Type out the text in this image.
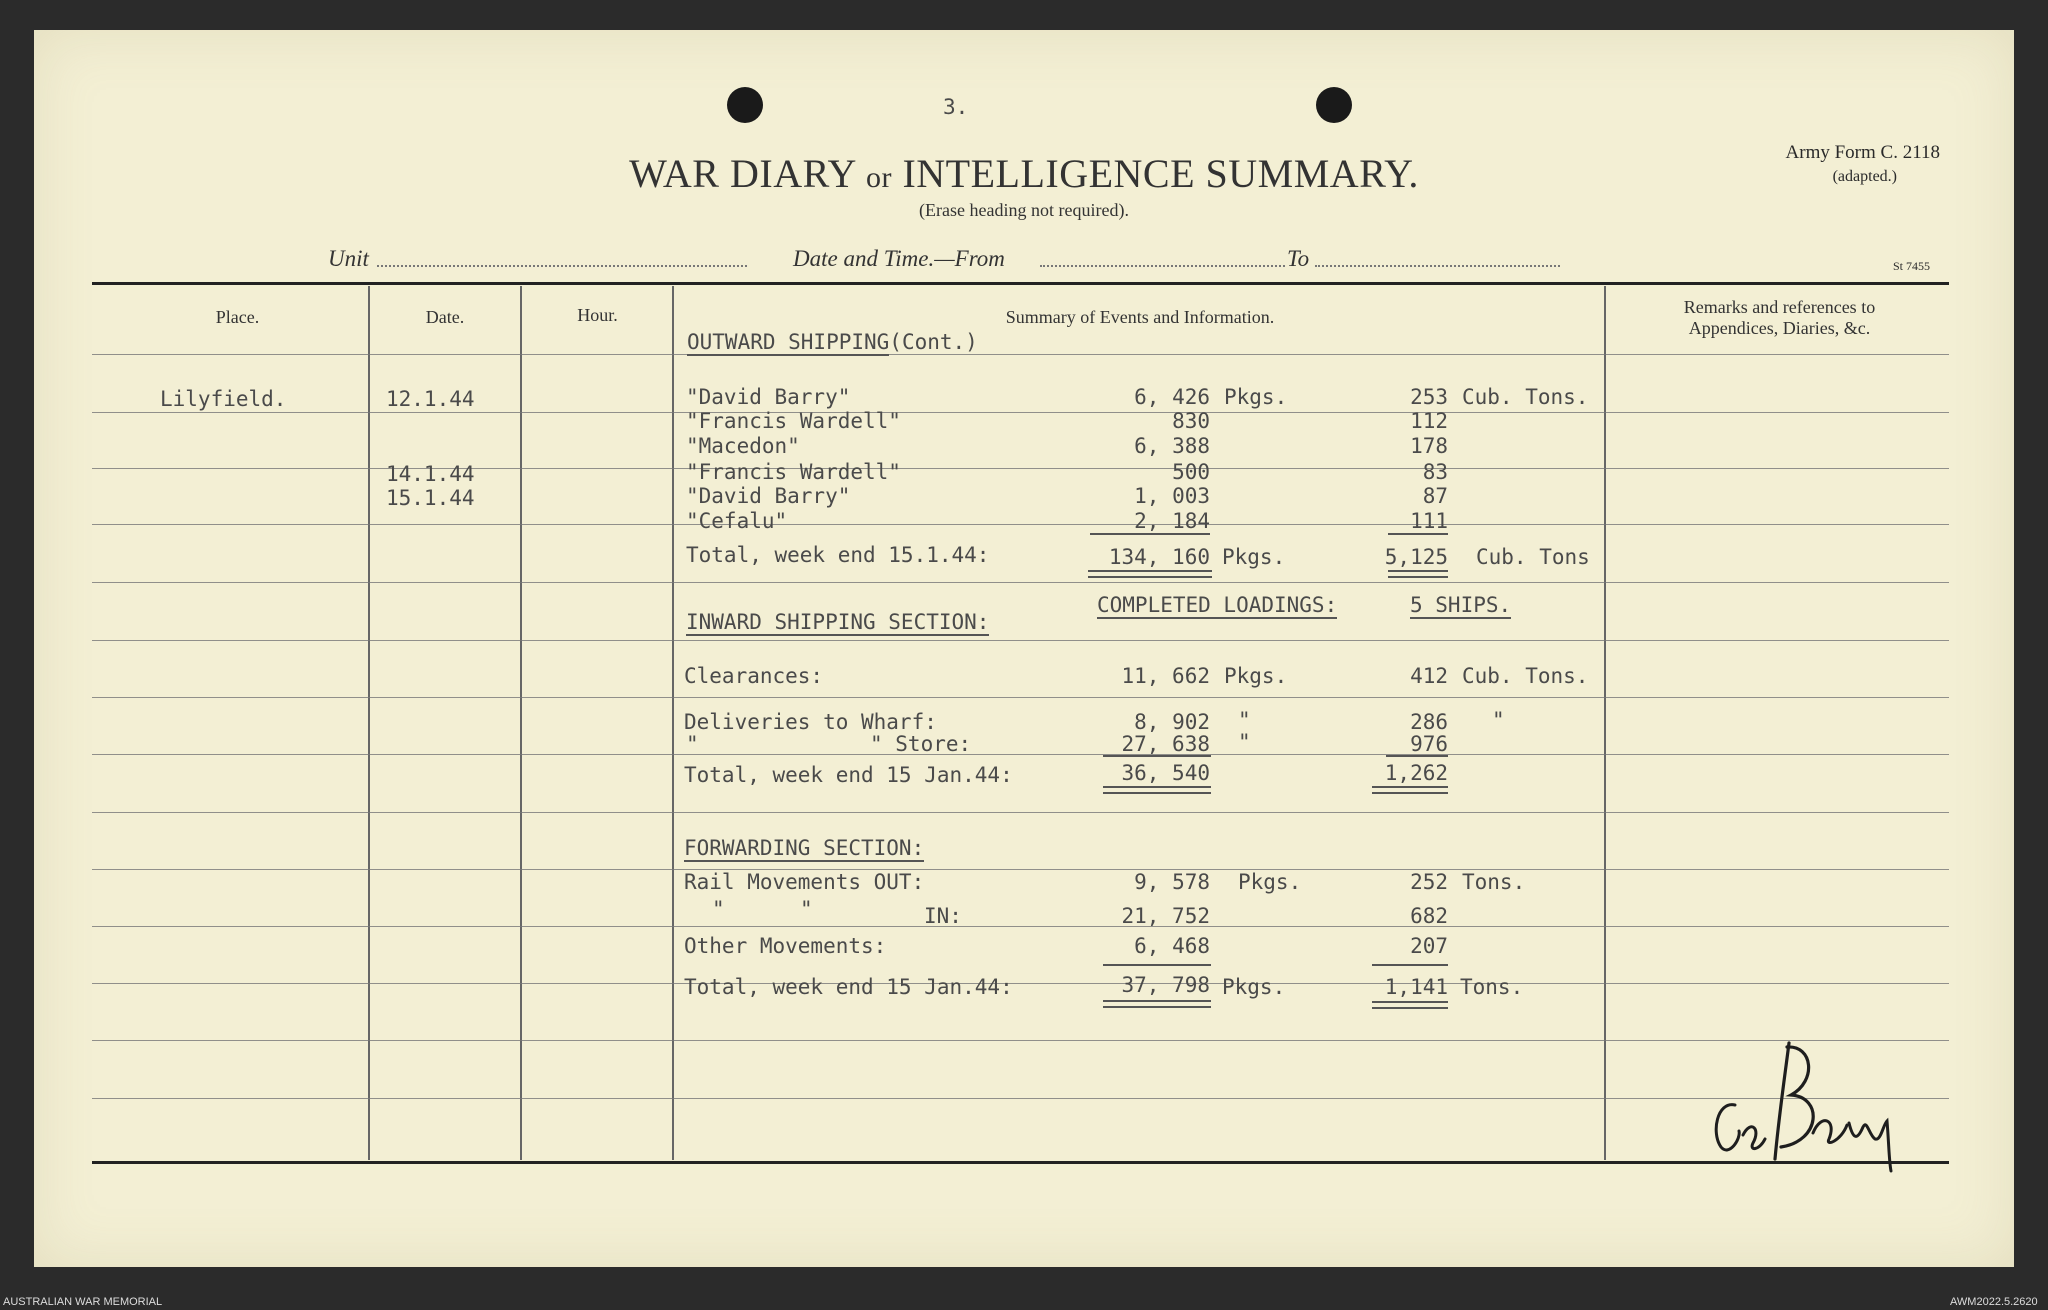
3.
WAR DIARY or INTELLIGENCE SUMMARY.
(Erase heading not required).
Army Form C. 2118
(adapted.)
St 7455
Unit	Date and Time.—From	To
Place.	Date.	Hour.	Summary of Events and Information.	Remarks and references to
Appendices, Diaries, &c.
OUTWARD SHIPPING(Cont.)
Lilyfield.	12.1.44	"David Barry"	6, 426 Pkgs.	253 Cub. Tons.
"Francis Wardell"	830	112
"Macedon"	6, 388	178
14.1.44	"Francis Wardell"	500	83
15.1.44	"David Barry"	1, 003	87
"Cefalu"	2, 184	111
Total, week end 15.1.44:	134, 160 Pkgs.	5,125 Cub. Tons
COMPLETED LOADINGS:	5 SHIPS.
INWARD SHIPPING SECTION:
Clearances:	11, 662 Pkgs.	412 Cub. Tons.
Deliveries to Wharf:	8, 902 "	286 "
"	" Store:	27, 638 "	976
Total, week end 15 Jan.44:	36, 540	1,262
FORWARDING SECTION:
Rail Movements OUT:	9, 578 Pkgs.	252 Tons.
"	"	IN:	21, 752	682
Other Movements:	6, 468	207
Total, week end 15 Jan.44:	37, 798 Pkgs.	1,141 Tons.
AUSTRALIAN WAR MEMORIAL	AWM2022.5.2620
